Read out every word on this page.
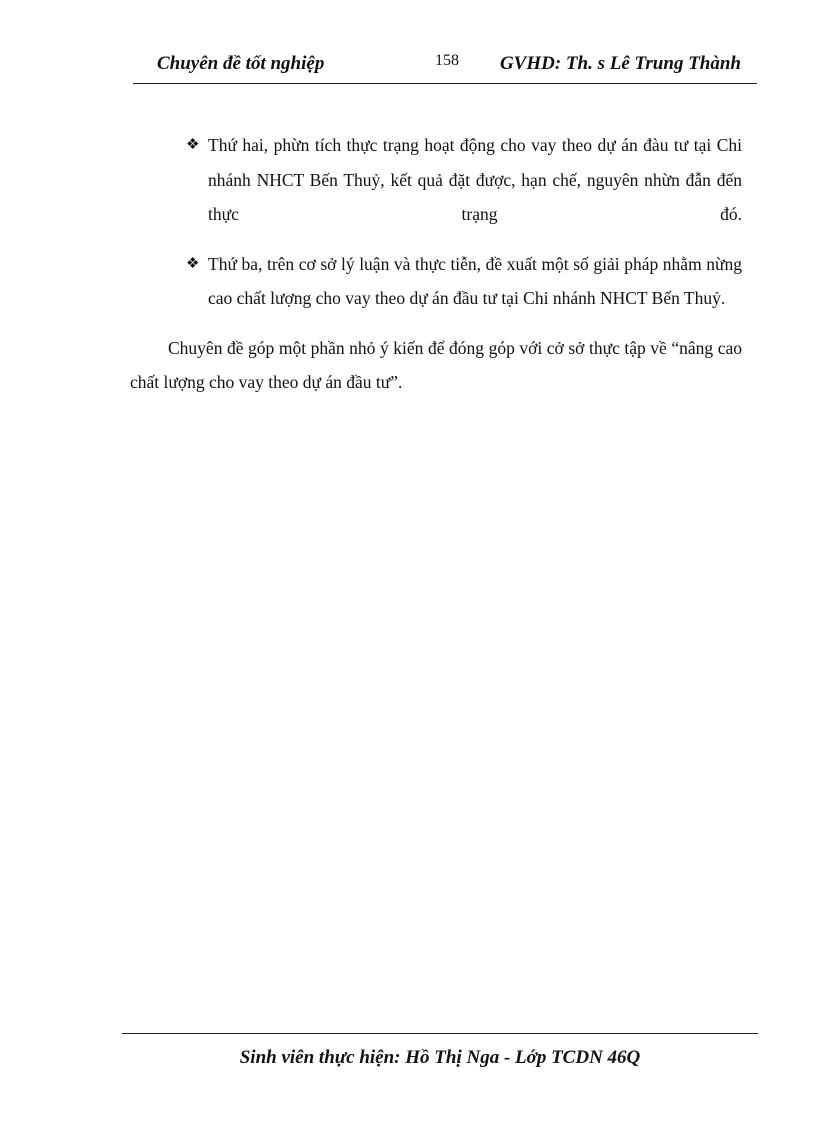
Chuyên đề tốt nghiệp	158 GVHD: Th. s Lê Trung Thành
❖ Thứ hai, phừn tích thực trạng hoạt động cho vay theo dự án đàu tư tại Chi nhánh NHCT Bến Thuỷ, kết quả đặt được, hạn chế, nguyên nhừn đẫn đến thực trạng đó.
❖ Thứ ba, trên cơ sở lý luận và thực tiễn, đề xuất một số giải pháp nhằm nừng cao chất lượng cho vay theo dự án đầu tư tại Chi nhánh NHCT Bến Thuỷ.
Chuyên đề góp một phần nhỏ ý kiến để đóng góp với cở sở thực tập về “nâng cao chất lượng cho vay theo dự án đầu tư”.
Sinh viên thực hiện: Hồ Thị Nga - Lớp TCDN 46Q
